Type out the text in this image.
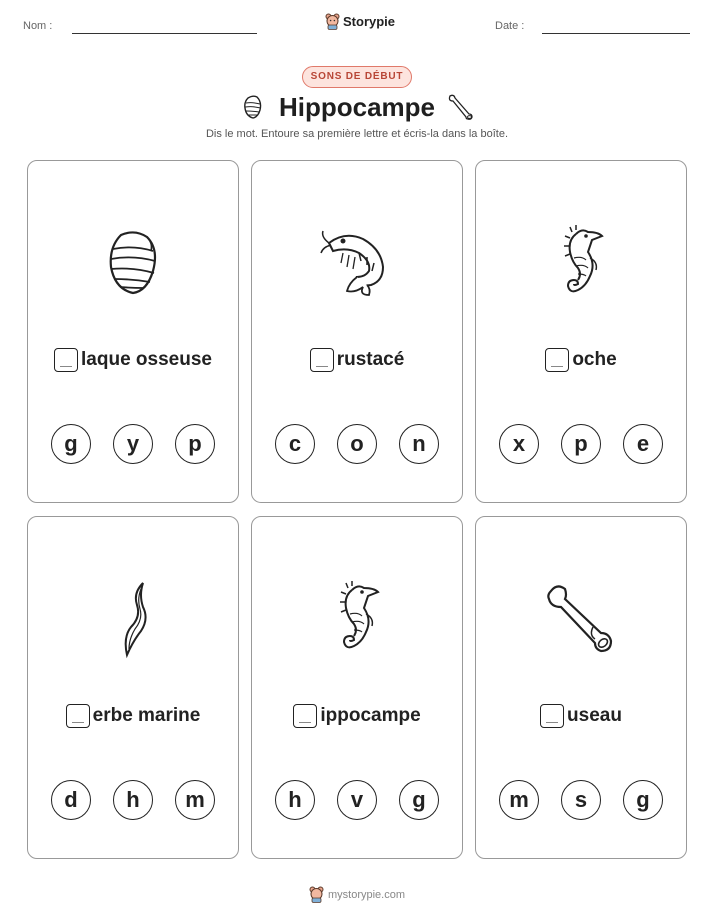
Nom :	Storypie	Date :
SONS DE DÉBUT
Hippocampe
Dis le mot. Entoure sa première lettre et écris-la dans la boîte.
laque osseuse
g	y	p
rustacé
c	o	n
oche
x	p	e
erbe marine
d	h	m
ippocampe
h	v	g
useau
m	s	g
mystorypie.com
